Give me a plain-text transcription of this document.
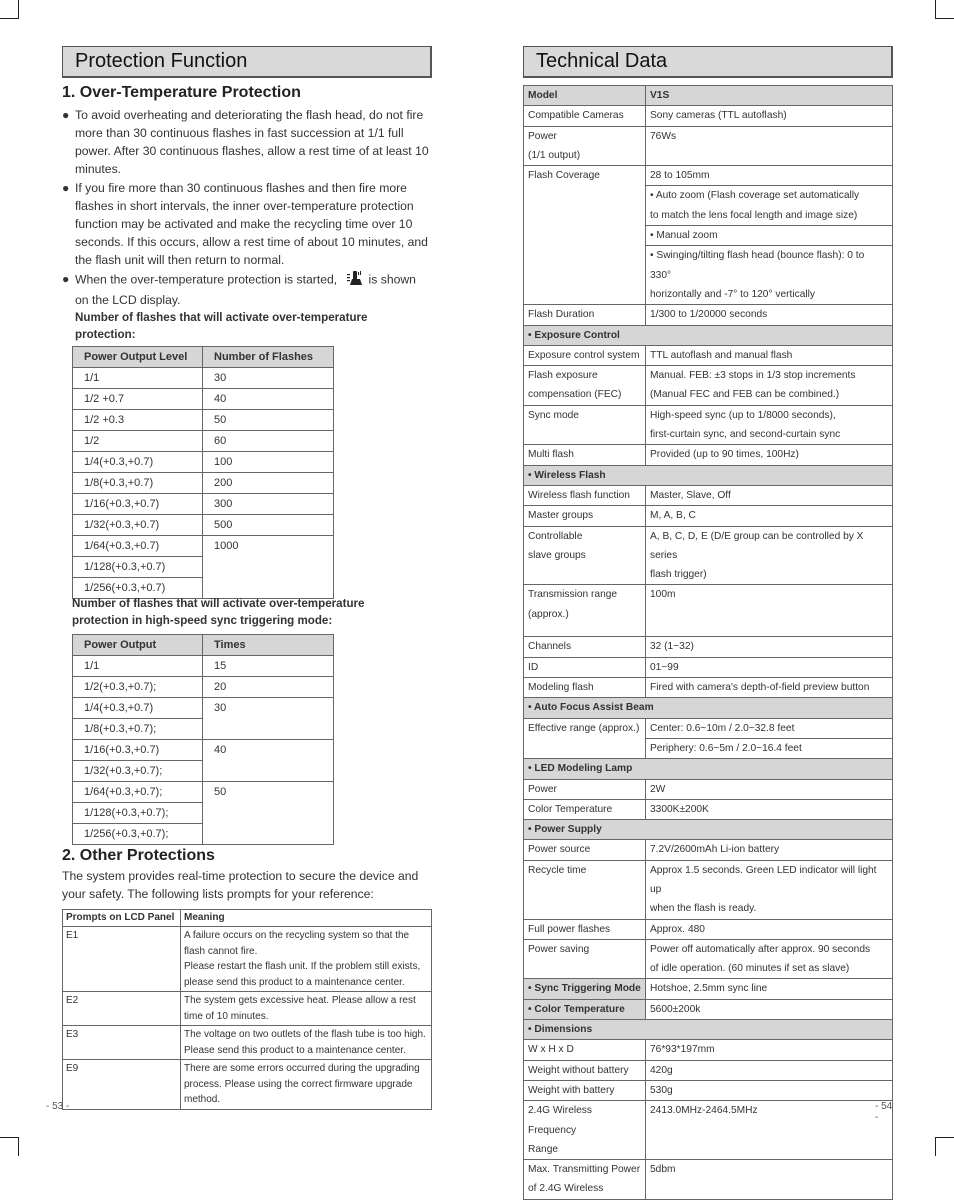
Protection Function
1. Over-Temperature Protection
● To avoid overheating and deteriorating the flash head, do not fire more than 30 continuous flashes in fast succession at 1/1 full power. After 30 continuous flashes, allow a rest time of at least 10 minutes.
● If you fire more than 30 continuous flashes and then fire more flashes in short intervals, the inner over-temperature protection function may be activated and make the recycling time over 10 seconds. If this occurs, allow a rest time of about 10 minutes, and the flash unit will then return to normal.
● When the over-temperature protection is started,	is shown on the LCD display.
Number of flashes that will activate over-temperature protection:
Power Output Level	Number of Flashes
1/1	30
1/2 +0.7	40
1/2 +0.3	50
1/2	60
1/4(+0.3,+0.7)	100
1/8(+0.3,+0.7)	200
1/16(+0.3,+0.7)	300
1/32(+0.3,+0.7)	500
1/64(+0.3,+0.7)	1000
1/128(+0.3,+0.7)	
1/256(+0.3,+0.7)	
Number of flashes that will activate over-temperature protection in high-speed sync triggering mode:
Power Output	Times
1/1	15
1/2(+0.3,+0.7);	20
1/4(+0.3,+0.7)	30
1/8(+0.3,+0.7);	
1/16(+0.3,+0.7)	40
1/32(+0.3,+0.7);	
1/64(+0.3,+0.7);	50
1/128(+0.3,+0.7);	
1/256(+0.3,+0.7);	
2. Other Protections
The system provides real-time protection to secure the device and your safety. The following lists prompts for your reference:
Prompts on LCD Panel	Meaning
E1	A failure occurs on the recycling system so that the flash cannot fire.
Please restart the flash unit. If the problem still exists, please send this product to a maintenance center.
E2	The system gets excessive heat. Please allow a rest time of 10 minutes.
E3	The voltage on two outlets of the flash tube is too high. Please send this product to a maintenance center.
E9	There are some errors occurred during the upgrading process. Please using the correct firmware upgrade method.
- 53 -
Technical Data
Model	V1S
Compatible Cameras	Sony cameras (TTL autoflash)
Power
(1/1 output)	76Ws
Flash Coverage	28 to 105mm
	• Auto zoom (Flash coverage set automatically
to match the lens focal length and image size)
	• Manual zoom
	• Swinging/tilting flash head (bounce flash): 0 to 330°
horizontally and -7° to 120° vertically
Flash Duration	1/300 to 1/20000 seconds
• Exposure Control	
Exposure control system	TTL autoflash and manual flash
Flash exposure
compensation (FEC)	Manual. FEB: ±3 stops in 1/3 stop increments
(Manual FEC and FEB can be combined.)
Sync mode	High-speed sync (up to 1/8000 seconds),
first-curtain sync, and second-curtain sync
Multi flash	Provided (up to 90 times, 100Hz)
• Wireless Flash	
Wireless flash function	Master, Slave, Off
Master groups	M, A, B, C
Controllable
slave groups	A, B, C, D, E (D/E group can be controlled by X series
flash trigger)
Transmission range
(approx.)	100m
Channels	32 (1~32)
ID	01~99
Modeling flash	Fired with camera's depth-of-field preview button
• Auto Focus Assist Beam	
Effective range (approx.)	Center: 0.6~10m / 2.0~32.8 feet
	Periphery: 0.6~5m / 2.0~16.4 feet
• LED Modeling Lamp	
Power	2W
Color Temperature	3300K±200K
• Power Supply	
Power source	7.2V/2600mAh Li-ion battery
Recycle time	Approx 1.5 seconds. Green LED indicator will light up
when the flash is ready.
Full power flashes	Approx. 480
Power saving	Power off automatically after approx. 90 seconds
of idle operation. (60 minutes if set as slave)
• Sync Triggering Mode	Hotshoe, 2.5mm sync line
• Color Temperature	5600±200k
• Dimensions	
W x H x D	76*93*197mm
Weight without battery	420g
Weight with battery	530g
2.4G Wireless Frequency
Range	2413.0MHz-2464.5MHz
Max. Transmitting Power
of 2.4G Wireless	5dbm
- 54 -
